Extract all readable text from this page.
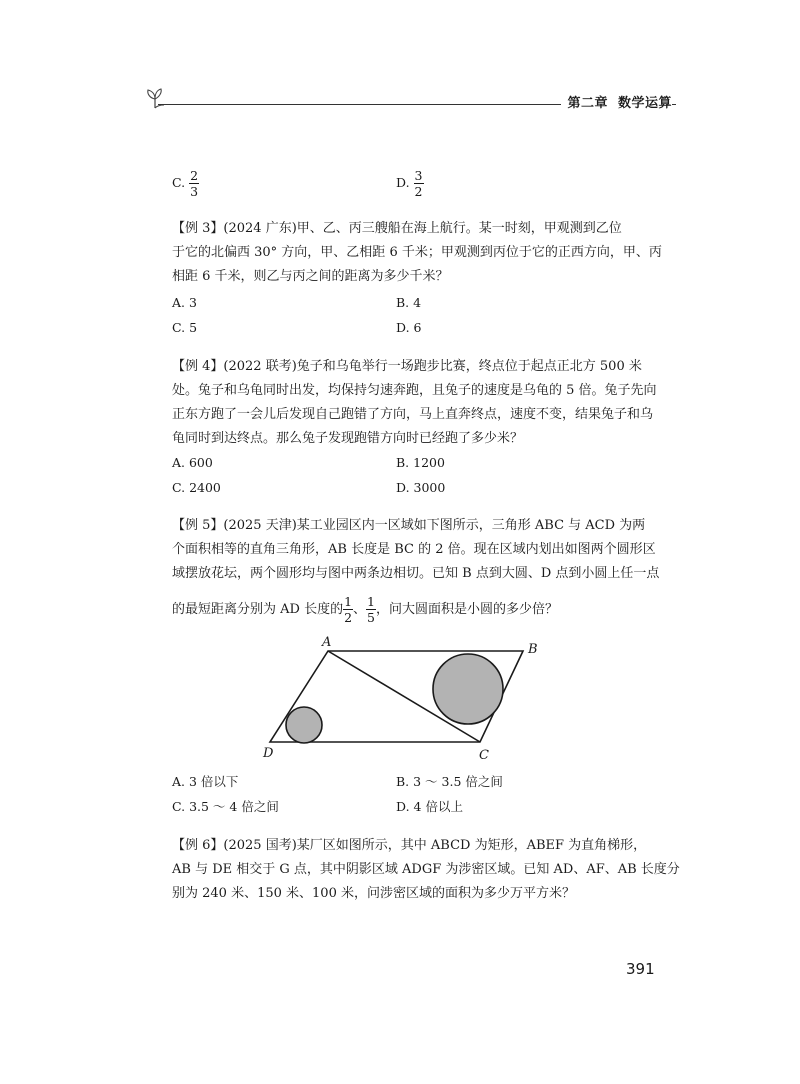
第二章 数学运算
C. $\frac{2}{3}$	D. $\frac{3}{2}$
【例 3】(2024 广东)甲、乙、丙三艘船在海上航行。某一时刻，甲观测到乙位
于它的北偏西 30° 方向，甲、乙相距 6 千米；甲观测到丙位于它的正西方向，甲、丙
相距 6 千米，则乙与丙之间的距离为多少千米？
A. 3	B. 4
C. 5	D. 6
【例 4】(2022 联考)兔子和乌龟举行一场跑步比赛，终点位于起点正北方 500 米
处。兔子和乌龟同时出发，均保持匀速奔跑，且兔子的速度是乌龟的 5 倍。兔子先向
正东方跑了一会儿后发现自己跑错了方向，马上直奔终点，速度不变，结果兔子和乌
龟同时到达终点。那么兔子发现跑错方向时已经跑了多少米？
A. 600	B. 1200
C. 2400	D. 3000
【例 5】(2025 天津)某工业园区内一区域如下图所示，三角形 ABC 与 ACD 为两
个面积相等的直角三角形，AB 长度是 BC 的 2 倍。现在区域内划出如图两个圆形区
域摆放花坛，两个圆形均与图中两条边相切。已知 B 点到大圆、D 点到小圆上任一点
的最短距离分别为 AD 长度的 $\frac{1}{2}$ 、 $\frac{1}{5}$ ，问大圆面积是小圆的多少倍？
A	B
C
D
A. 3 倍以下	B. 3 ～ 3.5 倍之间
C. 3.5 ～ 4 倍之间	D. 4 倍以上
【例 6】(2025 国考)某厂区如图所示，其中 ABCD 为矩形，ABEF 为直角梯形，
AB 与 DE 相交于 G 点，其中阴影区域 ADGF 为涉密区域。已知 AD、AF、AB 长度分
别为 240 米、150 米、100 米，问涉密区域的面积为多少万平方米？
391
